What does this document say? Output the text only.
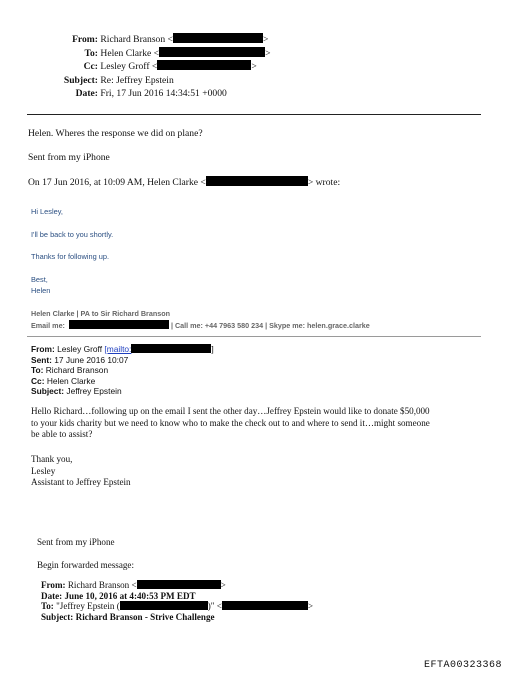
From: Richard Branson <	>
To: Helen Clarke <	>
Cc: Lesley Groff <	>
Subject: Re: Jeffrey Epstein
Date: Fri, 17 Jun 2016 14:34:51 +0000
Helen. Wheres the response we did on plane?
Sent from my iPhone
On 17 Jun 2016, at 10:09 AM, Helen Clarke <	> wrote:
Hi Lesley,
I'll be back to you shortly.
Thanks for following up.
Best,
Helen
Helen Clarke | PA to Sir Richard Branson
Email me:	| Call me: +44 7963 580 234 | Skype me: helen.grace.clarke
From: Lesley Groff [mailto:	]
Sent: 17 June 2016 10:07
To: Richard Branson
Cc: Helen Clarke
Subject: Jeffrey Epstein
Hello Richard…following up on the email I sent the other day…Jeffrey Epstein would like to donate $50,000
to your kids charity but we need to know who to make the check out to and where to send it…might someone
be able to assist?
Thank you,
Lesley
Assistant to Jeffrey Epstein
Sent from my iPhone
Begin forwarded message:
From: Richard Branson <	>
Date: June 10, 2016 at 4:40:53 PM EDT
To: "Jeffrey Epstein (	)" <	>
Subject: Richard Branson - Strive Challenge
EFTA00323368
